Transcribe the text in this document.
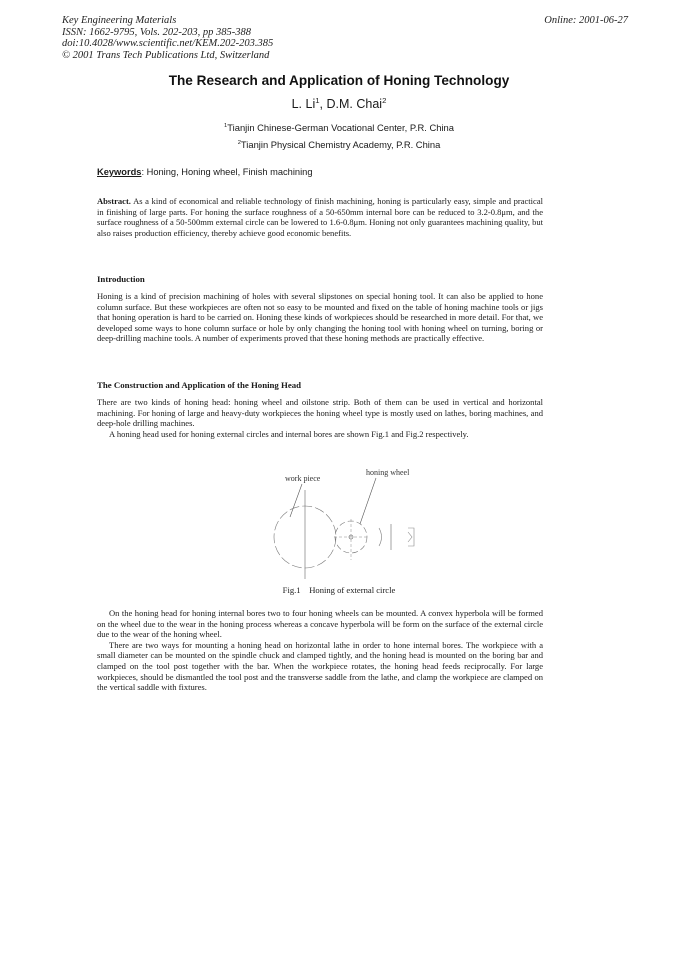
Key Engineering Materials
ISSN: 1662-9795, Vols. 202-203, pp 385-388
doi:10.4028/www.scientific.net/KEM.202-203.385
© 2001 Trans Tech Publications Ltd, Switzerland
Online: 2001-06-27
The Research and Application of Honing Technology
L. Li$^1$, D.M. Chai$^2$
$^1$Tianjin Chinese-German Vocational Center, P.R. China
$^2$Tianjin Physical Chemistry Academy, P.R. China
Keywords: Honing, Honing wheel, Finish machining
Abstract. As a kind of economical and reliable technology of finish machining, honing is particularly easy, simple and practical in finishing of large parts. For honing the surface roughness of a 50-650mm internal bore can be reduced to 3.2-0.8μm, and the surface roughness of a 50-500mm external circle can be lowered to 1.6-0.8μm. Honing not only guarantees machining quality, but also raises production efficiency, thereby achieve good economic benefits.
Introduction
Honing is a kind of precision machining of holes with several slipstones on special honing tool. It can also be applied to hone column surface. But these workpieces are often not so easy to be mounted and fixed on the table of honing machine tools or jigs that honing operation is hard to be carried on. Honing these kinds of workpieces should be researched in more detail. For that, we developed some ways to hone column surface or hole by only changing the honing tool with honing wheel on turning, boring or deep-drilling machine tools. A number of experiments proved that these honing methods are practically effective.
The Construction and Application of the Honing Head
There are two kinds of honing head: honing wheel and oilstone strip. Both of them can be used in vertical and horizontal machining. For honing of large and heavy-duty workpieces the honing wheel type is mostly used on lathes, boring machines, and deep-hole drilling machines.
A honing head used for honing external circles and internal bores are shown Fig.1 and Fig.2 respectively.
work piece
honing wheel
Fig.1 Honing of external circle
On the honing head for honing internal bores two to four honing wheels can be mounted. A convex hyperbola will be formed on the wheel due to the wear in the honing process whereas a concave hyperbola will be form on the surface of the external circle due to the wear of the honing wheel.
There are two ways for mounting a honing head on horizontal lathe in order to hone internal bores. The workpiece with a small diameter can be mounted on the spindle chuck and clamped tightly, and the honing head is mounted on the boring bar and clamped on the tool post together with the bar. When the workpiece rotates, the honing head feeds reciprocally. For large workpieces, should be dismantled the tool post and the transverse saddle from the lathe, and clamp the workpiece are clamped on the vertical saddle with fixtures.
